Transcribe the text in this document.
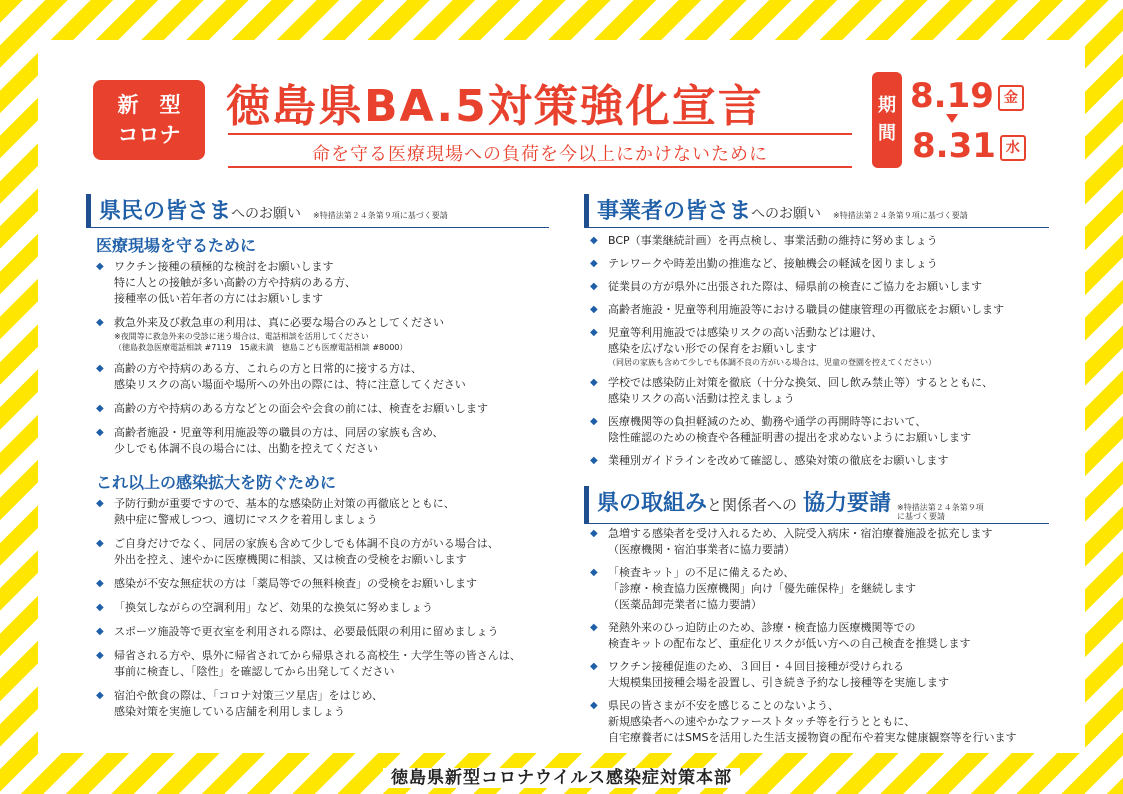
新　型
コロナ
徳島県BA.5対策強化宣言
命を守る医療現場への負荷を今以上にかけないために
期
間
8.19 金
8.31 水
県民の皆さま へのお願い ※特措法第２４条第９項に基づく要請
医療現場を守るために
◆ ワクチン接種の積極的な検討をお願いします
特に人との接触が多い高齢の方や持病のある方、
接種率の低い若年者の方にはお願いします
◆ 救急外来及び救急車の利用は、真に必要な場合のみとしてください
※夜間等に救急外来の受診に迷う場合は、電話相談を活用してください
（徳島救急医療電話相談 #7119　15歳未満　徳島こども医療電話相談 #8000）
◆ 高齢の方や持病のある方、これらの方と日常的に接する方は、
感染リスクの高い場面や場所への外出の際には、特に注意してください
◆ 高齢の方や持病のある方などとの面会や会食の前には、検査をお願いします
◆ 高齢者施設・児童等利用施設等の職員の方は、同居の家族も含め、
少しでも体調不良の場合には、出勤を控えてください
これ以上の感染拡大を防ぐために
◆ 予防行動が重要ですので、基本的な感染防止対策の再徹底とともに、
熱中症に警戒しつつ、適切にマスクを着用しましょう
◆ ご自身だけでなく、同居の家族も含めて少しでも体調不良の方がいる場合は、
外出を控え、速やかに医療機関に相談、又は検査の受検をお願いします
◆ 感染が不安な無症状の方は「薬局等での無料検査」の受検をお願いします
◆ 「換気しながらの空調利用」など、効果的な換気に努めましょう
◆ スポーツ施設等で更衣室を利用される際は、必要最低限の利用に留めましょう
◆ 帰省される方や、県外に帰省されてから帰県される高校生・大学生等の皆さんは、
事前に検査し、「陰性」を確認してから出発してください
◆ 宿泊や飲食の際は、「コロナ対策三ツ星店」をはじめ、
感染対策を実施している店舗を利用しましょう
事業者の皆さま へのお願い ※特措法第２４条第９項に基づく要請
◆ BCP（事業継続計画）を再点検し、事業活動の維持に努めましょう
◆ テレワークや時差出勤の推進など、接触機会の軽減を図りましょう
◆ 従業員の方が県外に出張された際は、帰県前の検査にご協力をお願いします
◆ 高齢者施設・児童等利用施設等における職員の健康管理の再徹底をお願いします
◆ 児童等利用施設では感染リスクの高い活動などは避け、
感染を広げない形での保育をお願いします
（同居の家族も含めて少しでも体調不良の方がいる場合は、児童の登園を控えてください）
◆ 学校では感染防止対策を徹底（十分な換気、回し飲み禁止等）するとともに、
感染リスクの高い活動は控えましょう
◆ 医療機関等の負担軽減のため、勤務や通学の再開時等において、
陰性確認のための検査や各種証明書の提出を求めないようにお願いします
◆ 業種別ガイドラインを改めて確認し、感染対策の徹底をお願いします
県の取組み と関係者への 協力要請 ※特措法第２４条第９項
に基づく要請
◆ 急増する感染者を受け入れるため、入院受入病床・宿泊療養施設を拡充します
（医療機関・宿泊事業者に協力要請）
◆ 「検査キット」の不足に備えるため、
「診療・検査協力医療機関」向け「優先確保枠」を継続します
（医薬品卸売業者に協力要請）
◆ 発熱外来のひっ迫防止のため、診療・検査協力医療機関等での
検査キットの配布など、重症化リスクが低い方への自己検査を推奨します
◆ ワクチン接種促進のため、３回目・４回目接種が受けられる
大規模集団接種会場を設置し、引き続き予約なし接種等を実施します
◆ 県民の皆さまが不安を感じることのないよう、
新規感染者への速やかなファーストタッチ等を行うとともに、
自宅療養者にはSMSを活用した生活支援物資の配布や着実な健康観察等を行います
徳島県新型コロナウイルス感染症対策本部
